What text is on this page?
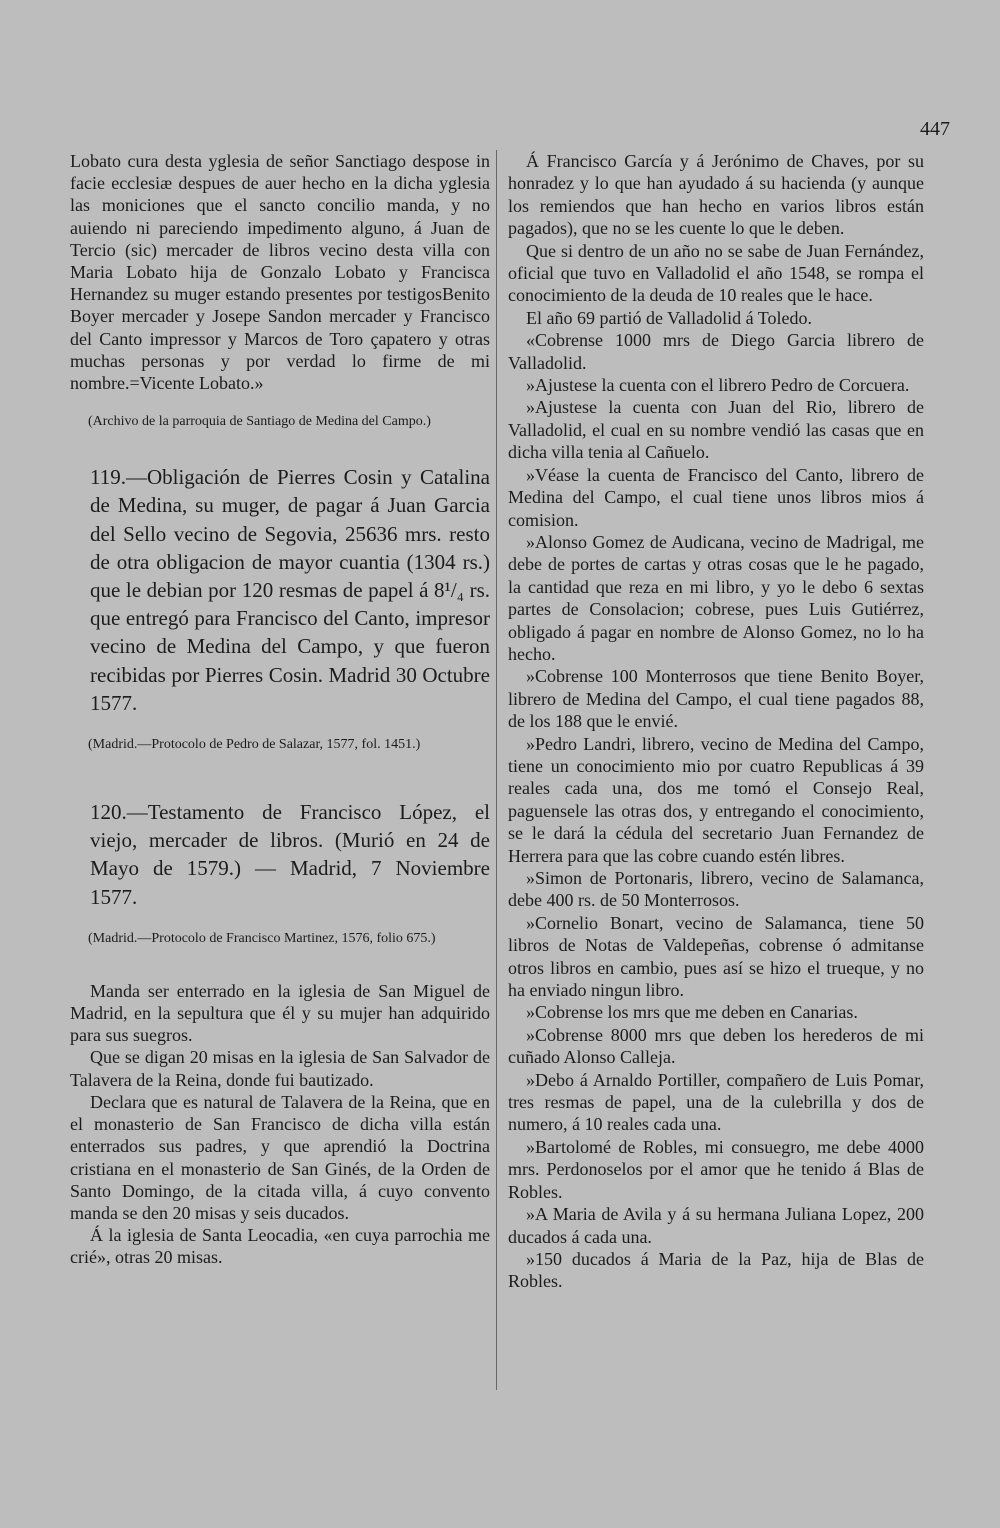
447

Lobato cura desta yglesia de señor Sanctiago despose in facie ecclesiæ despues de auer hecho en la dicha yglesia las moniciones que el sancto concilio manda, y no auiendo ni pareciendo impedimento alguno, á Juan de Tercio (sic) mercader de libros vecino desta villa con Maria Lobato hija de Gonzalo Lobato y Francisca Hernandez su muger estando presentes por testigosBenito Boyer mercader y Josepe Sandon mercader y Francisco del Canto impressor y Marcos de Toro çapatero y otras muchas personas y por verdad lo firme de mi nombre.=Vicente Lobato.»

(Archivo de la parroquia de Santiago de Medina del Campo.)

119.—Obligación de Pierres Cosin y Catalina de Medina, su muger, de pagar á Juan Garcia del Sello vecino de Segovia, 25636 mrs. resto de otra obligacion de mayor cuantia (1304 rs.) que le debian por 120 resmas de papel á 8¹/₄ rs. que entregó para Francisco del Canto, impresor vecino de Medina del Campo, y que fueron recibidas por Pierres Cosin. Madrid 30 Octubre 1577.

(Madrid.—Protocolo de Pedro de Salazar, 1577, fol. 1451.)

120.—Testamento de Francisco López, el viejo, mercader de libros. (Murió en 24 de Mayo de 1579.) — Madrid, 7 Noviembre 1577.

(Madrid.—Protocolo de Francisco Martinez, 1576, folio 675.)

Manda ser enterrado en la iglesia de San Miguel de Madrid, en la sepultura que él y su mujer han adquirido para sus suegros.

Que se digan 20 misas en la iglesia de San Salvador de Talavera de la Reina, donde fui bautizado.

Declara que es natural de Talavera de la Reina, que en el monasterio de San Francisco de dicha villa están enterrados sus padres, y que aprendió la Doctrina cristiana en el monasterio de San Ginés, de la Orden de Santo Domingo, de la citada villa, á cuyo convento manda se den 20 misas y seis ducados.

Á la iglesia de Santa Leocadia, «en cuya parrochia me crié», otras 20 misas.

Á Francisco García y á Jerónimo de Chaves, por su honradez y lo que han ayudado á su hacienda (y aunque los remiendos que han hecho en varios libros están pagados), que no se les cuente lo que le deben.

Que si dentro de un año no se sabe de Juan Fernández, oficial que tuvo en Valladolid el año 1548, se rompa el conocimiento de la deuda de 10 reales que le hace.

El año 69 partió de Valladolid á Toledo.

«Cobrense 1000 mrs de Diego Garcia librero de Valladolid.

»Ajustese la cuenta con el librero Pedro de Corcuera.

»Ajustese la cuenta con Juan del Rio, librero de Valladolid, el cual en su nombre vendió las casas que en dicha villa tenia al Cañuelo.

»Véase la cuenta de Francisco del Canto, librero de Medina del Campo, el cual tiene unos libros mios á comision.

»Alonso Gomez de Audicana, vecino de Madrigal, me debe de portes de cartas y otras cosas que le he pagado, la cantidad que reza en mi libro, y yo le debo 6 sextas partes de Consolacion; cobrese, pues Luis Gutiérrez, obligado á pagar en nombre de Alonso Gomez, no lo ha hecho.

»Cobrense 100 Monterrosos que tiene Benito Boyer, librero de Medina del Campo, el cual tiene pagados 88, de los 188 que le envié.

»Pedro Landri, librero, vecino de Medina del Campo, tiene un conocimiento mio por cuatro Republicas á 39 reales cada una, dos me tomó el Consejo Real, paguensele las otras dos, y entregando el conocimiento, se le dará la cédula del secretario Juan Fernandez de Herrera para que las cobre cuando estén libres.

»Simon de Portonaris, librero, vecino de Salamanca, debe 400 rs. de 50 Monterrosos.

»Cornelio Bonart, vecino de Salamanca, tiene 50 libros de Notas de Valdepeñas, cobrense ó admitanse otros libros en cambio, pues así se hizo el trueque, y no ha enviado ningun libro.

»Cobrense los mrs que me deben en Canarias.

»Cobrense 8000 mrs que deben los herederos de mi cuñado Alonso Calleja.

»Debo á Arnaldo Portiller, compañero de Luis Pomar, tres resmas de papel, una de la culebrilla y dos de numero, á 10 reales cada una.

»Bartolomé de Robles, mi consuegro, me debe 4000 mrs. Perdonoselos por el amor que he tenido á Blas de Robles.

»A Maria de Avila y á su hermana Juliana Lopez, 200 ducados á cada una.

»150 ducados á Maria de la Paz, hija de Blas de Robles.
